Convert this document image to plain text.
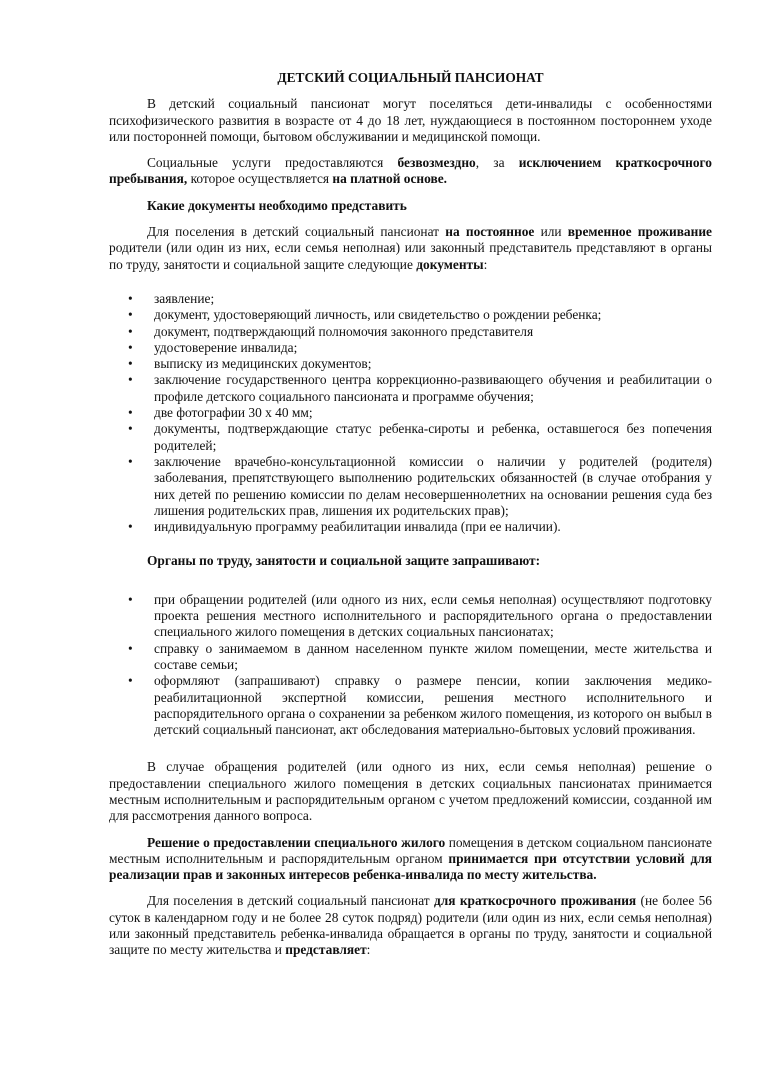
ДЕТСКИЙ СОЦИАЛЬНЫЙ ПАНСИОНАТ

В детский социальный пансионат могут поселяться дети-инвалиды с особенностями психофизического развития в возрасте от 4 до 18 лет, нуждающиеся в постоянном постороннем уходе или посторонней помощи, бытовом обслуживании и медицинской помощи.

Социальные услуги предоставляются безвозмездно, за исключением краткосрочного пребывания, которое осуществляется на платной основе.

Какие документы необходимо представить

Для поселения в детский социальный пансионат на постоянное или временное проживание родители (или один из них, если семья неполная) или законный представитель представляют в органы по труду, занятости и социальной защите следующие документы:

• заявление;
• документ, удостоверяющий личность, или свидетельство о рождении ребенка;
• документ, подтверждающий полномочия законного представителя
• удостоверение инвалида;
• выписку из медицинских документов;
• заключение государственного центра коррекционно-развивающего обучения и реабилитации о профиле детского социального пансионата и программе обучения;
• две фотографии 30 х 40 мм;
• документы, подтверждающие статус ребенка-сироты и ребенка, оставшегося без попечения родителей;
• заключение врачебно-консультационной комиссии о наличии у родителей (родителя) заболевания, препятствующего выполнению родительских обязанностей (в случае отобрания у них детей по решению комиссии по делам несовершеннолетних на основании решения суда без лишения родительских прав, лишения их родительских прав);
• индивидуальную программу реабилитации инвалида (при ее наличии).
Органы по труду, занятости и социальной защите запрашивают:
• при обращении родителей (или одного из них, если семья неполная) осуществляют подготовку проекта решения местного исполнительного и распорядительного органа о предоставлении специального жилого помещения в детских социальных пансионатах;
• справку о занимаемом в данном населенном пункте жилом помещении, месте жительства и составе семьи;
• оформляют (запрашивают) справку о размере пенсии, копии заключения медико-реабилитационной экспертной комиссии, решения местного исполнительного и распорядительного органа о сохранении за ребенком жилого помещения, из которого он выбыл в детский социальный пансионат, акт обследования материально-бытовых условий проживания.

В случае обращения родителей (или одного из них, если семья неполная) решение о предоставлении специального жилого помещения в детских социальных пансионатах принимается местным исполнительным и распорядительным органом с учетом предложений комиссии, созданной им для рассмотрения данного вопроса.

Решение о предоставлении специального жилого помещения в детском социальном пансионате местным исполнительным и распорядительным органом принимается при отсутствии условий для реализации прав и законных интересов ребенка-инвалида по месту жительства.

Для поселения в детский социальный пансионат для краткосрочного проживания (не более 56 суток в календарном году и не более 28 суток подряд) родители (или один из них, если семья неполная) или законный представитель ребенка-инвалида обращается в органы по труду, занятости и социальной защите по месту жительства и представляет:
